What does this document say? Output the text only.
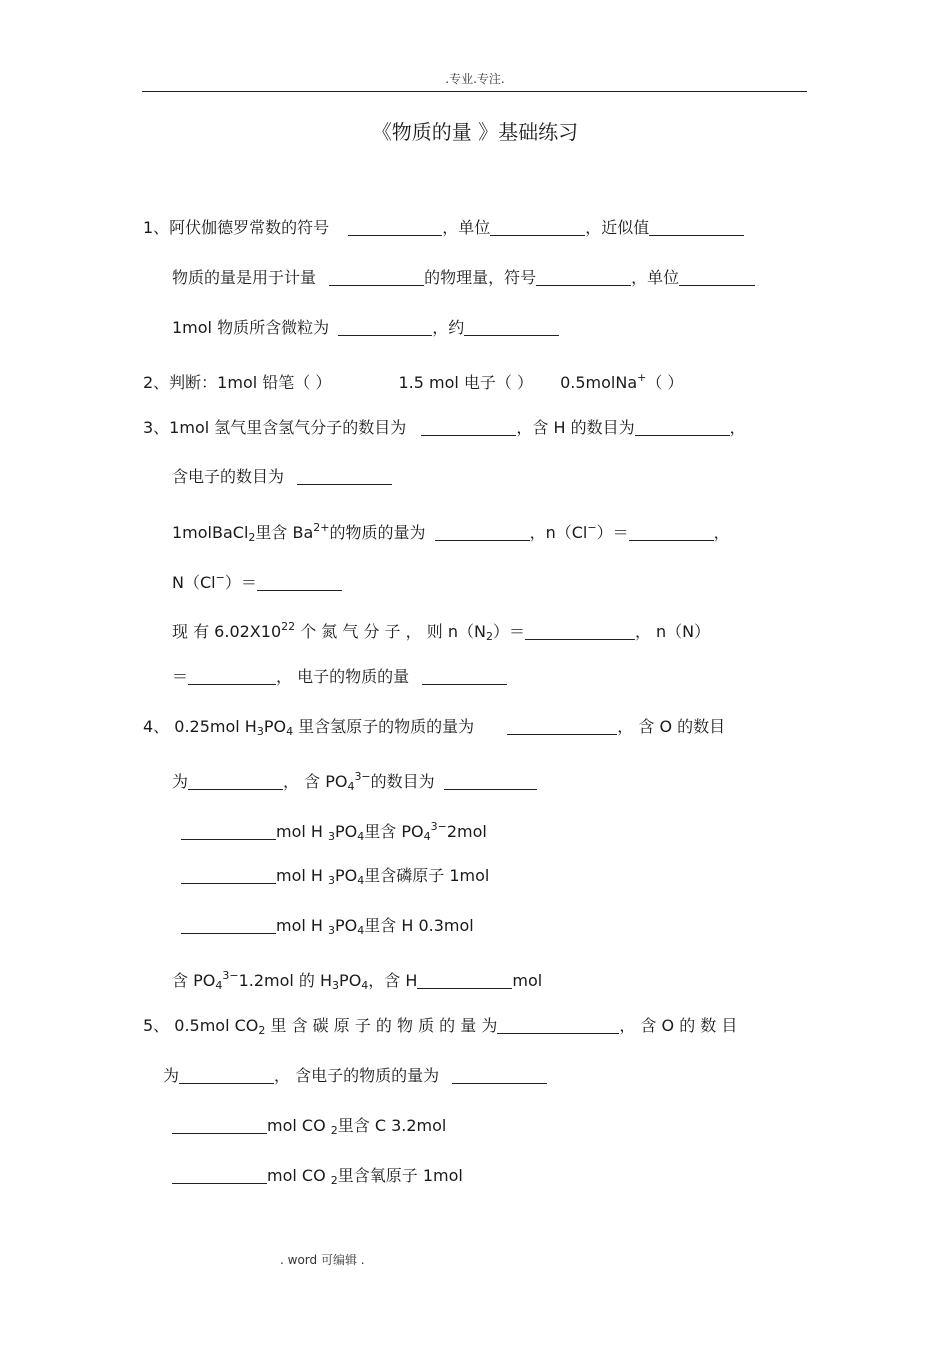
.专业.专注.
《物质的量 》基础练习
1、阿伏伽德罗常数的符号	，单位	，近似值
物质的量是用于计量	的物理量，符号	，单位
1mol 物质所含微粒为	，约
2、判断：1mol 铅笔（ ）	1.5 mol 电子（ ） 0.5molNa+（ ）
3、1mol 氢气里含氢气分子的数目为	，含 H 的数目为	，
含电子的数目为
1molBaCl$_2$里含 $Ba^{2+}$的物质的量为	，n（Cl−）＝	，
N（Cl−）＝
现 有 $6.02X10^{22}$ 个 氮 气 分 子 ， 则 $n(N_2)=$	， n（N）
＝	， 电子的物质的量
4、 0.25mol $H_3PO_4$ 里含氢原子的物质的量为	， 含 O 的数目
为	， 含 $PO_4^{3-}$的数目为
mol H $_3PO_4$里含 $PO_4^{3-}2mol$
mol H $_3PO_4$里含磷原子 1mol
mol H $_3PO_4$里含 H 0.3mol
含 $PO_4^{3-}1.2mol$ 的 $H_3PO_4$，含 H	mol
5、 0.5mol $CO_2$ 里 含 碳 原 子 的 物 质 的 量 为	， 含 O 的 数 目
为	， 含电子的物质的量为
mol CO $_2$里含 C 3.2mol
mol CO $_2$里含氧原子 1mol
. word 可编辑 .
